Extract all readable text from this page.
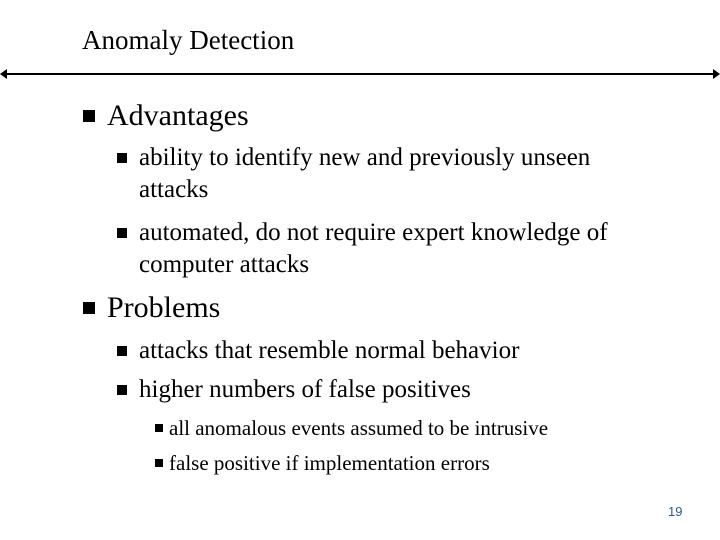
Anomaly Detection
Advantages
ability to identify new and previously unseen
attacks
automated, do not require expert knowledge of
computer attacks
Problems
attacks that resemble normal behavior
higher numbers of false positives
all anomalous events assumed to be intrusive
false positive if implementation errors
19
